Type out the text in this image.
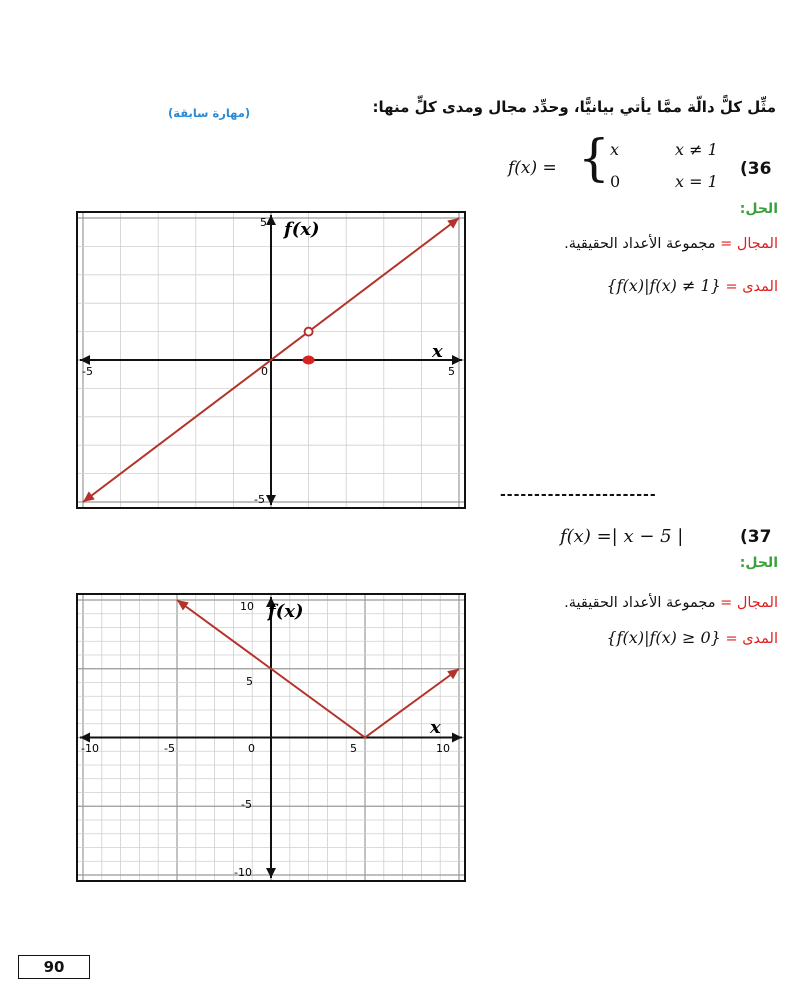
مثِّل كلًّ دالّة ممَّا يأتي بيانيًّا، وحدِّد مجال ومدى كلٍّ منها:
(مهارة سابقة)
(36
f(x) = { x	x ≠ 1
0	x = 1
الحل:
المجال = مجموعة الأعداد الحقيقية.
{f(x)|f(x) ≠ 1} المدى =
f(x)
x
-5	5
0
5
-5	-----------------------
(37
f(x) =| x − 5 |
الحل:
المجال = مجموعة الأعداد الحقيقية.
{f(x)|f(x) ≥ 0} المدى =
f(x)
x
-10	-5	0	5	10
10
5
-5
-10
90
